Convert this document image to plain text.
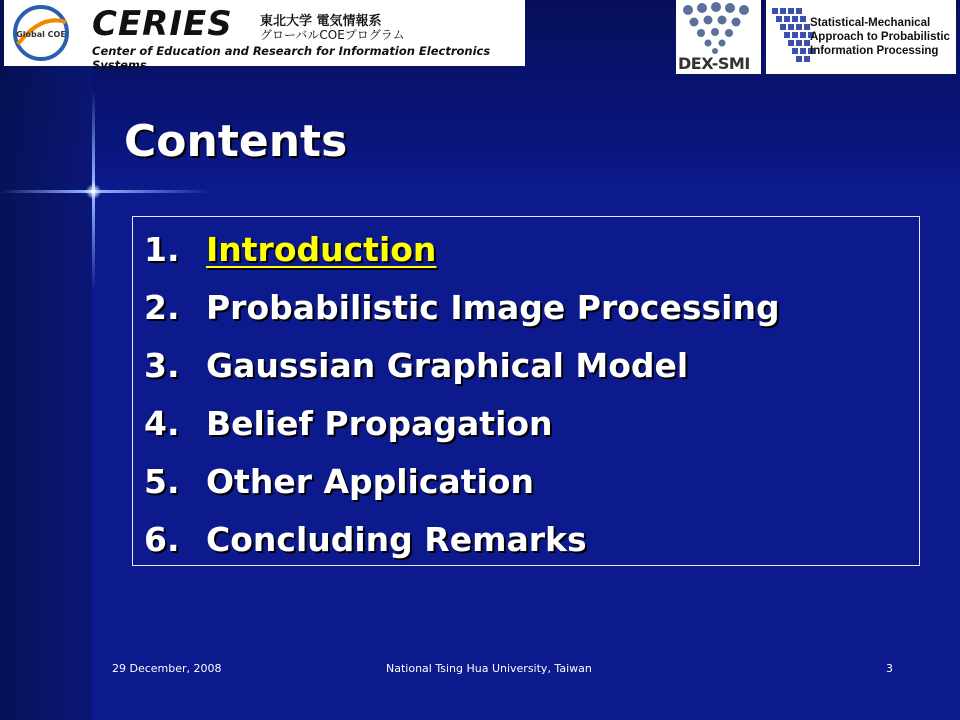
Global COE CERIES 東北大学 電気情報系
グローバルCOEプログラム
Center of Education and Research for Information Electronics Systems	DEX-SMI
Statistical-Mechanical
Approach to Probabilistic
Information Processing
Contents
1. Introduction
2. Probabilistic Image Processing
3. Gaussian Graphical Model
4. Belief Propagation
5. Other Application
6. Concluding Remarks
29 December, 2008	National Tsing Hua University, Taiwan	3
